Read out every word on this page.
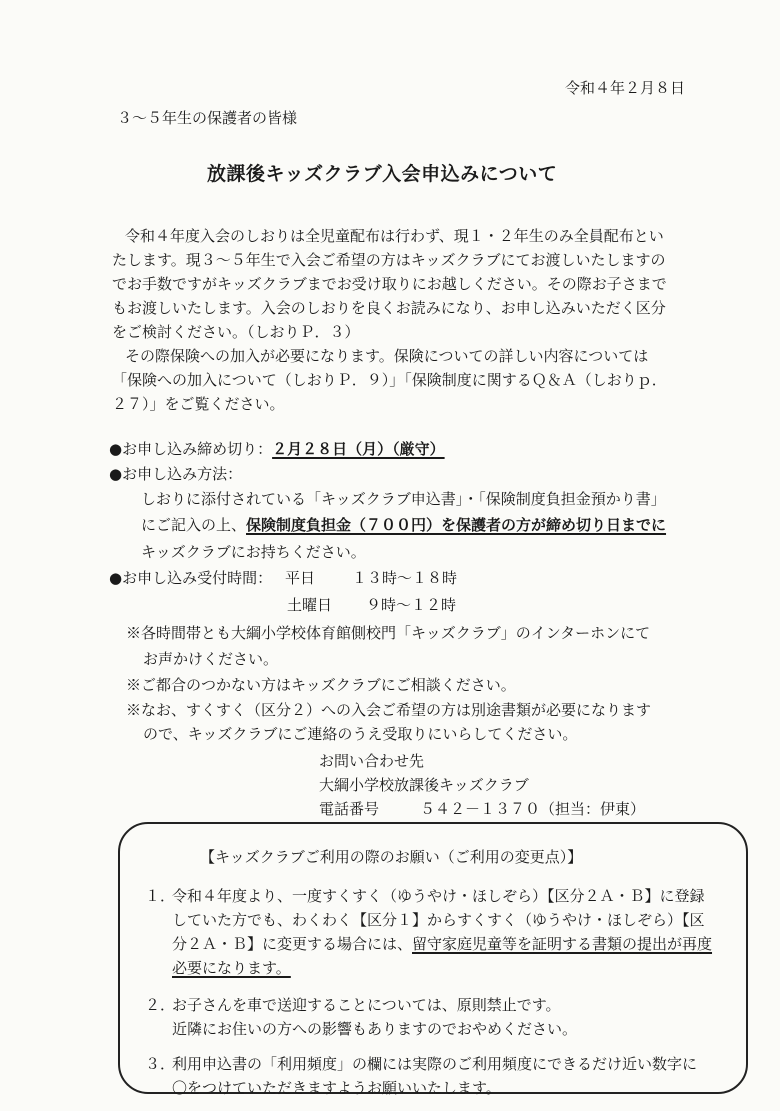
令和４年２月８日
３～５年生の保護者の皆様
放課後キッズクラブ入会申込みについて
令和４年度入会のしおりは全児童配布は行わず、現１・２年生のみ全員配布とい
たします。現３～５年生で入会ご希望の方はキッズクラブにてお渡しいたしますの
でお手数ですがキッズクラブまでお受け取りにお越しください。その際お子さまで
もお渡しいたします。入会のしおりを良くお読みになり、お申し込みいただく区分
をご検討ください。（しおりＰ．３）
その際保険への加入が必要になります。保険についての詳しい内容については
「保険への加入について（しおりＰ．９）」「保険制度に関するＱ＆Ａ（しおりｐ．
２７）」をご覧ください。
●お申し込み締め切り：２月２８日（月）（厳守）
●お申し込み方法：
しおりに添付されている「キッズクラブ申込書」・「保険制度負担金預かり書」
にご記入の上、保険制度負担金（７００円）を保護者の方が締め切り日までに
キッズクラブにお持ちください。
●お申し込み受付時間： 平日 １３時～１８時
土曜日 ９時～１２時
※各時間帯とも大綱小学校体育館側校門「キッズクラブ」のインターホンにて
お声かけください。
※ご都合のつかない方はキッズクラブにご相談ください。
※なお、すくすく（区分２）への入会ご希望の方は別途書類が必要になります
ので、キッズクラブにご連絡のうえ受取りにいらしてください。
お問い合わせ先
大綱小学校放課後キッズクラブ
電話番号	５４２－１３７０（担当：伊東）
【キッズクラブご利用の際のお願い（ご利用の変更点）】
１．
令和４年度より、一度すくすく（ゆうやけ・ほしぞら）【区分２Ａ・Ｂ】に登録
していた方でも、わくわく【区分１】からすくすく（ゆうやけ・ほしぞら）【区
分２Ａ・Ｂ】に変更する場合には、留守家庭児童等を証明する書類の提出が再度
必要になります。
２．
お子さんを車で送迎することについては、原則禁止です。
近隣にお住いの方への影響もありますのでおやめください。
３．
利用申込書の「利用頻度」の欄には実際のご利用頻度にできるだけ近い数字に
〇をつけていただきますようお願いいたします。
